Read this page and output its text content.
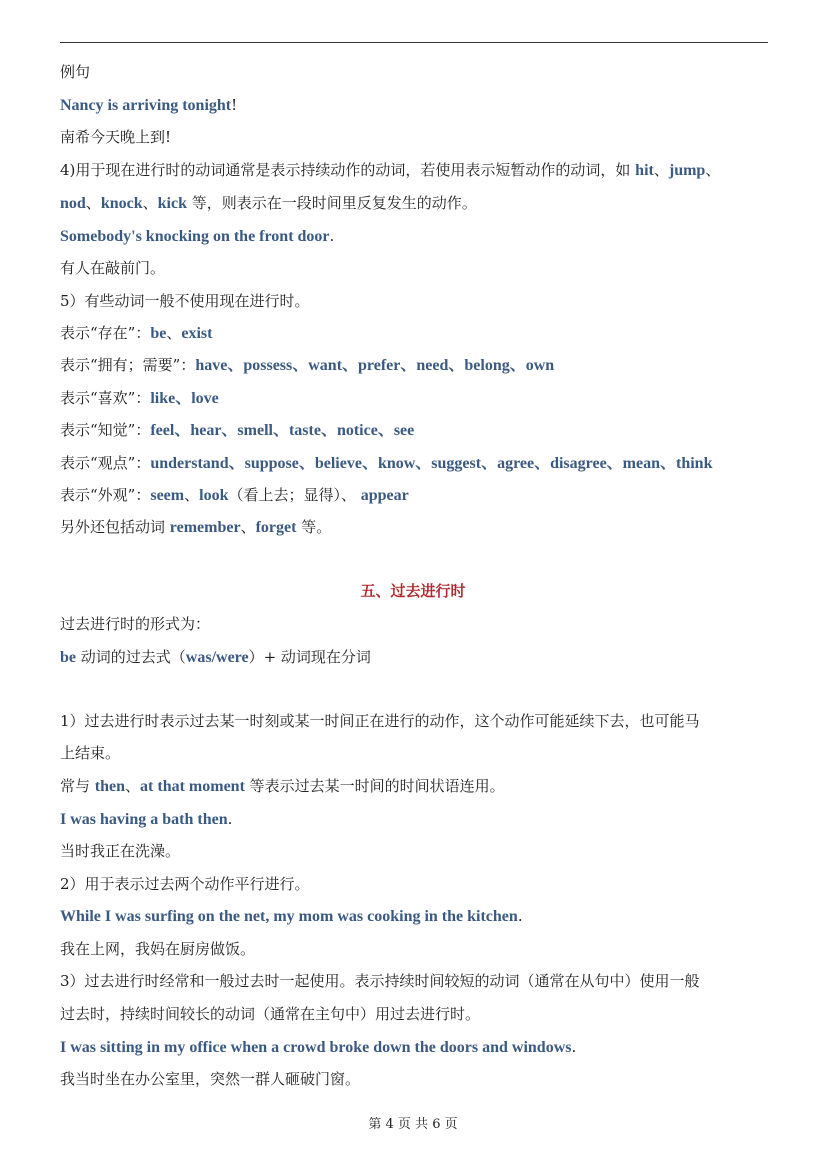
例句
Nancy is arriving tonight!
南希今天晚上到!
4)用于现在进行时的动词通常是表示持续动作的动词，若使用表示短暂动作的动词，如 hit、jump、
nod、knock、kick 等，则表示在一段时间里反复发生的动作。
Somebody's knocking on the front door.
有人在敲前门。
5）有些动词一般不使用现在进行时。
表示“存在”：be、exist
表示“拥有；需要”：have、possess、want、prefer、need、belong、own
表示“喜欢”：like、love
表示“知觉”：feel、hear、smell、taste、notice、see
表示“观点”：understand、suppose、believe、know、suggest、agree、disagree、mean、think
表示“外观”：seem、look（看上去；显得）、 appear
另外还包括动词 remember、forget 等。
五、过去进行时
过去进行时的形式为：
be 动词的过去式（was/were）+ 动词现在分词
1）过去进行时表示过去某一时刻或某一时间正在进行的动作，这个动作可能延续下去，也可能马
上结束。
常与 then、at that moment 等表示过去某一时间的时间状语连用。
I was having a bath then.
当时我正在洗澡。
2）用于表示过去两个动作平行进行。
While I was surfing on the net, my mom was cooking in the kitchen.
我在上网，我妈在厨房做饭。
3）过去进行时经常和一般过去时一起使用。表示持续时间较短的动词（通常在从句中）使用一般
过去时，持续时间较长的动词（通常在主句中）用过去进行时。
I was sitting in my office when a crowd broke down the doors and windows.
我当时坐在办公室里，突然一群人砸破门窗。
第 4 页 共 6 页
